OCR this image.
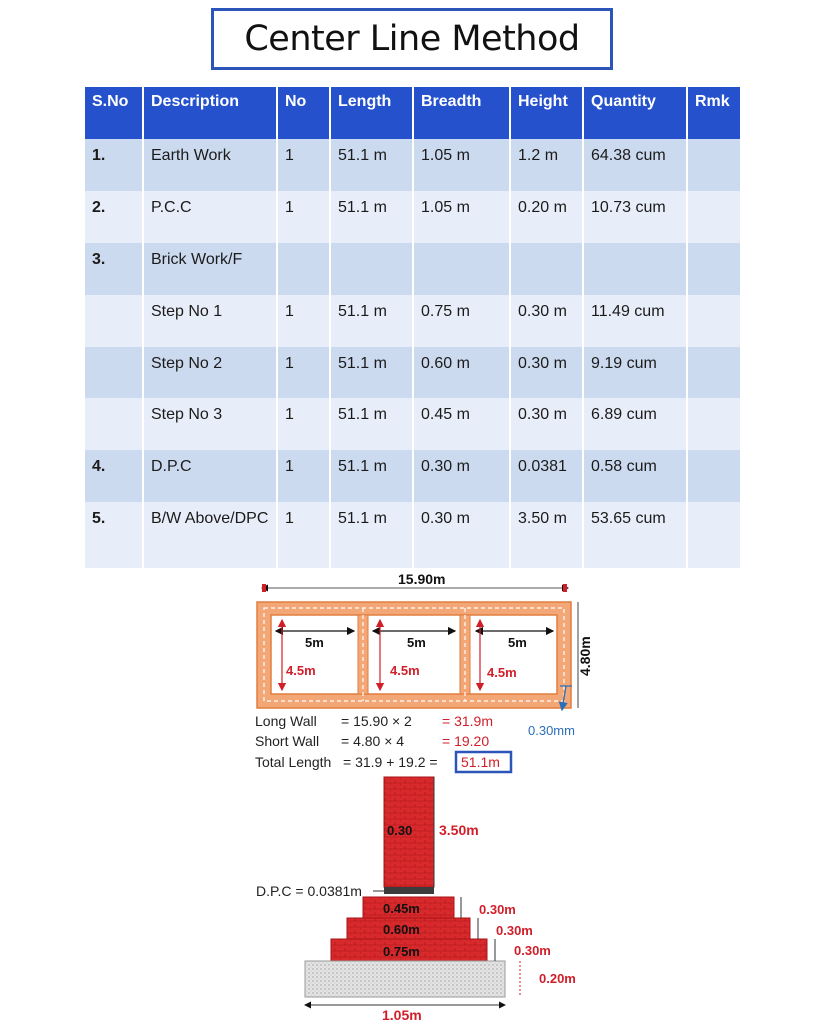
Center Line Method
S.No	Description	No	Length	Breadth	Height	Quantity	Rmk
1.	Earth Work	1	51.1 m	1.05 m	1.2 m	64.38 cum	
2.	P.C.C	1	51.1 m	1.05 m	0.20 m	10.73 cum	
3.	Brick Work/F						
	Step No 1	1	51.1 m	0.75 m	0.30 m	11.49 cum	
	Step No 2	1	51.1 m	0.60 m	0.30 m	9.19 cum	
	Step No 3	1	51.1 m	0.45 m	0.30 m	6.89 cum	
4.	D.P.C	1	51.1 m	0.30 m	0.0381	0.58 cum	
5.	B/W Above/DPC	1	51.1 m	0.30 m	3.50 m	53.65 cum	
15.90m
4.80m
5m	5m	5m
4.5m	4.5m	4.5m
0.30mm
Long Wall = 15.90 × 2 = 31.9m
Short Wall = 4.80 × 4	= 19.20
Total Length = 31.9 + 19.2 = 51.1m
0.30 3.50m
D.P.C = 0.0381m
0.45m
0.60m
0.75m
0.30m
0.30m
0.30m
0.20m
1.05m
